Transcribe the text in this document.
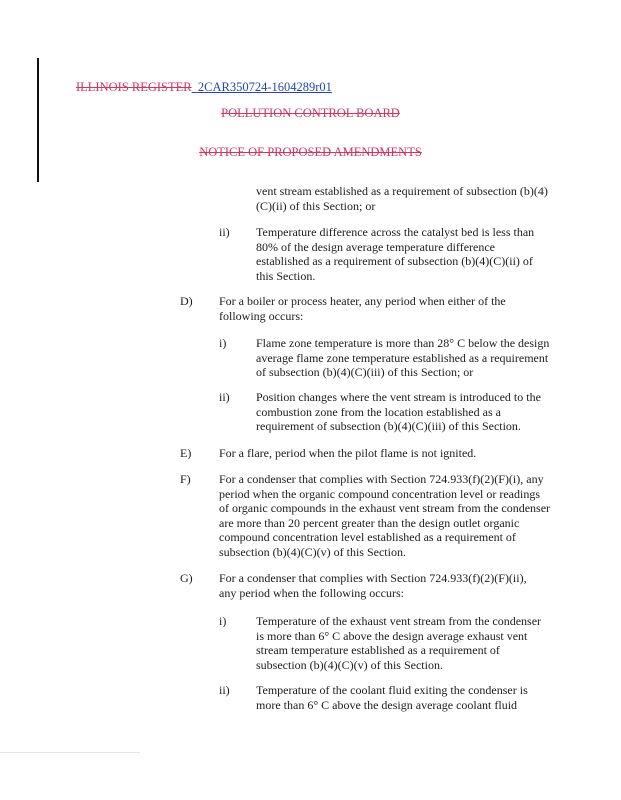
ILLINOIS REGISTER 2CAR350724-1604289r01
POLLUTION CONTROL BOARD
NOTICE OF PROPOSED AMENDMENTS
vent stream established as a requirement of subsection (b)(4)(C)(ii) of this Section; or
ii) Temperature difference across the catalyst bed is less than 80% of the design average temperature difference established as a requirement of subsection (b)(4)(C)(ii) of this Section.
D) For a boiler or process heater, any period when either of the following occurs:
i) Flame zone temperature is more than 28° C below the design average flame zone temperature established as a requirement of subsection (b)(4)(C)(iii) of this Section; or
ii) Position changes where the vent stream is introduced to the combustion zone from the location established as a requirement of subsection (b)(4)(C)(iii) of this Section.
E) For a flare, period when the pilot flame is not ignited.
F) For a condenser that complies with Section 724.933(f)(2)(F)(i), any period when the organic compound concentration level or readings of organic compounds in the exhaust vent stream from the condenser are more than 20 percent greater than the design outlet organic compound concentration level established as a requirement of subsection (b)(4)(C)(v) of this Section.
G) For a condenser that complies with Section 724.933(f)(2)(F)(ii), any period when the following occurs:
i) Temperature of the exhaust vent stream from the condenser is more than 6° C above the design average exhaust vent stream temperature established as a requirement of subsection (b)(4)(C)(v) of this Section.
ii) Temperature of the coolant fluid exiting the condenser is more than 6° C above the design average coolant fluid
